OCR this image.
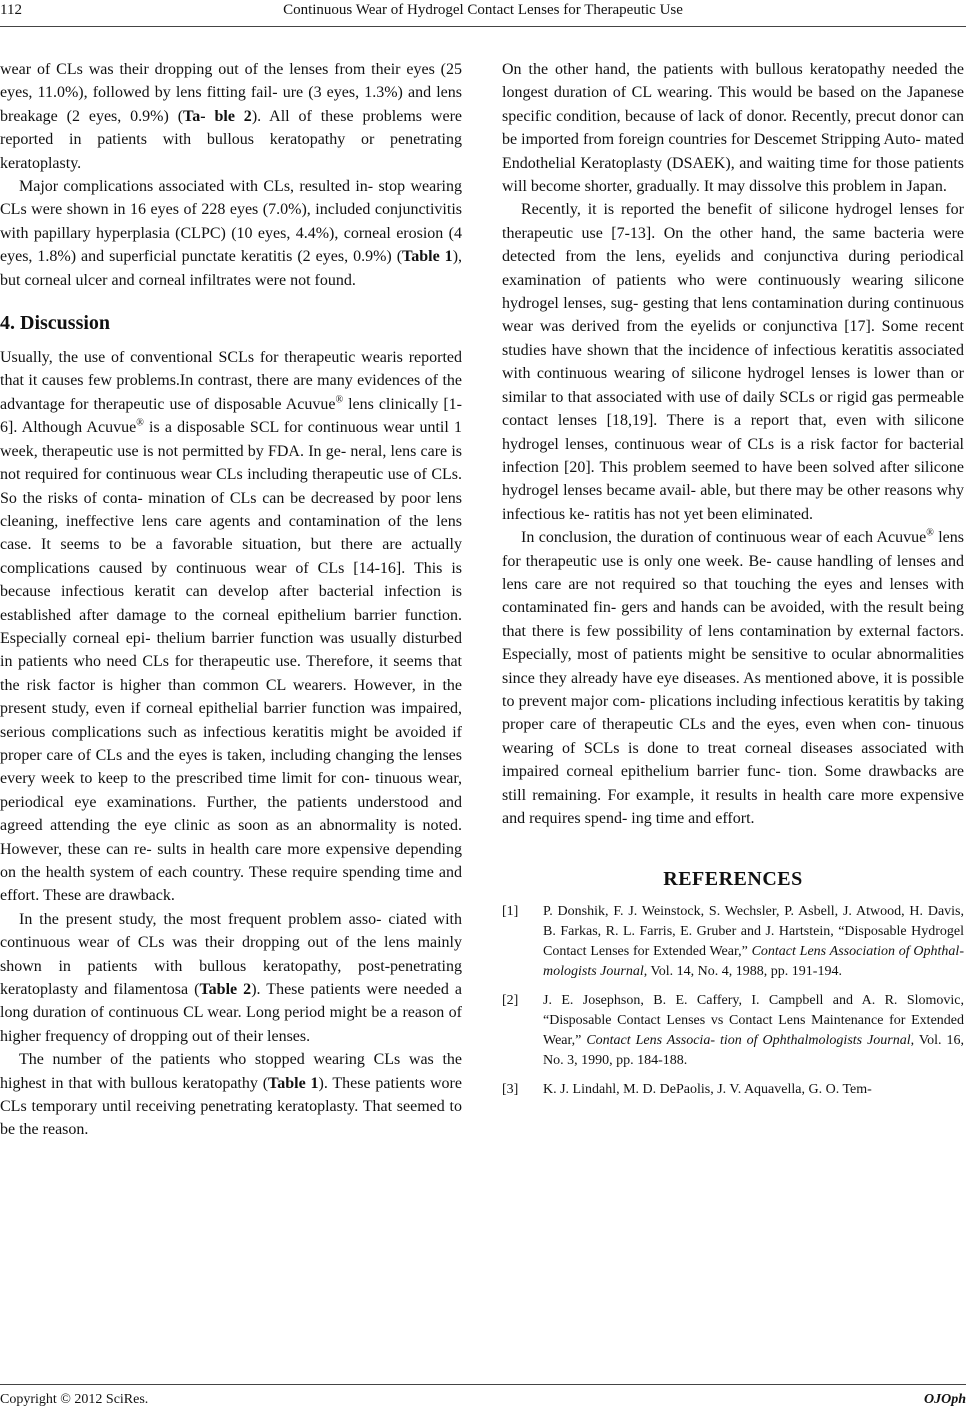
112	Continuous Wear of Hydrogel Contact Lenses for Therapeutic Use

wear of CLs was their dropping out of the lenses from their eyes (25 eyes, 11.0%), followed by lens fitting fail- ure (3 eyes, 1.3%) and lens breakage (2 eyes, 0.9%) (Ta- ble 2). All of these problems were reported in patients with bullous keratopathy or penetrating keratoplasty.

Major complications associated with CLs, resulted in- stop wearing CLs were shown in 16 eyes of 228 eyes (7.0%), included conjunctivitis with papillary hyperplasia (CLPC) (10 eyes, 4.4%), corneal erosion (4 eyes, 1.8%) and superficial punctate keratitis (2 eyes, 0.9%) (Table 1), but corneal ulcer and corneal infiltrates were not found.

4. Discussion

Usually, the use of conventional SCLs for therapeutic wearis reported that it causes few problems.In contrast, there are many evidences of the advantage for therapeutic use of disposable Acuvue® lens clinically [1-6]. Although Acuvue® is a disposable SCL for continuous wear until 1 week, therapeutic use is not permitted by FDA. In ge- neral, lens care is not required for continuous wear CLs including therapeutic use of CLs. So the risks of conta- mination of CLs can be decreased by poor lens cleaning, ineffective lens care agents and contamination of the lens case. It seems to be a favorable situation, but there are actually complications caused by continuous wear of CLs [14-16]. This is because infectious keratit can develop after bacterial infection is established after damage to the corneal epithelium barrier function. Especially corneal epi- thelium barrier function was usually disturbed in patients who need CLs for therapeutic use. Therefore, it seems that the risk factor is higher than common CL wearers. However, in the present study, even if corneal epithelial barrier function was impaired, serious complications such as infectious keratitis might be avoided if proper care of CLs and the eyes is taken, including changing the lenses every week to keep to the prescribed time limit for con- tinuous wear, periodical eye examinations. Further, the patients understood and agreed attending the eye clinic as soon as an abnormality is noted. However, these can re- sults in health care more expensive depending on the health system of each country. These require spending time and effort. These are drawback.

In the present study, the most frequent problem asso- ciated with continuous wear of CLs was their dropping out of the lens mainly shown in patients with bullous keratopathy, post-penetrating keratoplasty and filamentosa (Table 2). These patients were needed a long duration of continuous CL wear. Long period might be a reason of higher frequency of dropping out of their lenses.

The number of the patients who stopped wearing CLs was the highest in that with bullous keratopathy (Table 1). These patients wore CLs temporary until receiving penetrating keratoplasty. That seemed to be the reason.

On the other hand, the patients with bullous keratopathy needed the longest duration of CL wearing. This would be based on the Japanese specific condition, because of lack of donor. Recently, precut donor can be imported from foreign countries for Descemet Stripping Auto- mated Endothelial Keratoplasty (DSAEK), and waiting time for those patients will become shorter, gradually. It may dissolve this problem in Japan.

Recently, it is reported the benefit of silicone hydrogel lenses for therapeutic use [7-13]. On the other hand, the same bacteria were detected from the lens, eyelids and conjunctiva during periodical examination of patients who were continuously wearing silicone hydrogel lenses, sug- gesting that lens contamination during continuous wear was derived from the eyelids or conjunctiva [17]. Some recent studies have shown that the incidence of infectious keratitis associated with continuous wearing of silicone hydrogel lenses is lower than or similar to that associated with use of daily SCLs or rigid gas permeable contact lenses [18,19]. There is a report that, even with silicone hydrogel lenses, continuous wear of CLs is a risk factor for bacterial infection [20]. This problem seemed to have been solved after silicone hydrogel lenses became avail- able, but there may be other reasons why infectious ke- ratitis has not yet been eliminated.

In conclusion, the duration of continuous wear of each Acuvue® lens for therapeutic use is only one week. Be- cause handling of lenses and lens care are not required so that touching the eyes and lenses with contaminated fin- gers and hands can be avoided, with the result being that there is few possibility of lens contamination by external factors. Especially, most of patients might be sensitive to ocular abnormalities since they already have eye diseases. As mentioned above, it is possible to prevent major com- plications including infectious keratitis by taking proper care of therapeutic CLs and the eyes, even when con- tinuous wearing of SCLs is done to treat corneal diseases associated with impaired corneal epithelium barrier func- tion. Some drawbacks are still remaining. For example, it results in health care more expensive and requires spend- ing time and effort.

REFERENCES
[1]	P. Donshik, F. J. Weinstock, S. Wechsler, P. Asbell, J. Atwood, H. Davis, B. Farkas, R. L. Farris, E. Gruber and J. Hartstein, “Disposable Hydrogel Contact Lenses for Extended Wear,” Contact Lens Association of Ophthal- mologists Journal, Vol. 14, No. 4, 1988, pp. 191-194.
[2]	J. E. Josephson, B. E. Caffery, I. Campbell and A. R. Slomovic, “Disposable Contact Lenses vs Contact Lens Maintenance for Extended Wear,” Contact Lens Associa- tion of Ophthalmologists Journal, Vol. 16, No. 3, 1990, pp. 184-188.
[3]	K. J. Lindahl, M. D. DePaolis, J. V. Aquavella, G. O. Tem-
Copyright © 2012 SciRes.	OJOph
